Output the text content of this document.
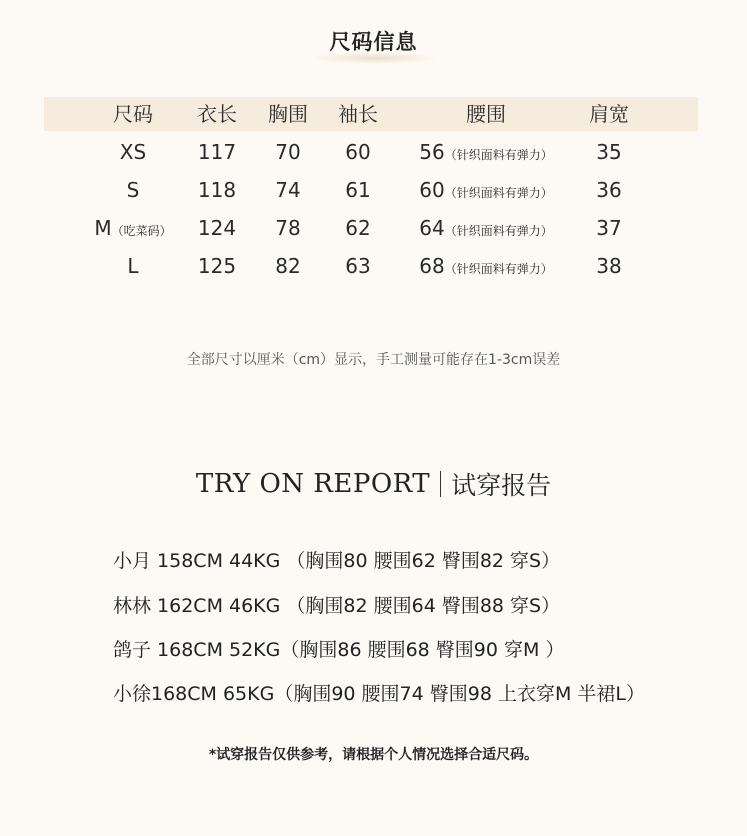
尺码信息
尺码 衣长 胸围 袖长	腰围	肩宽
XS	117 70 60 56（针织面料有弹力） 35
S	118 74 61 60（针织面料有弹力） 36
M（吃菜码） 124 78 62 64（针织面料有弹力） 37
L	125 82 63 68（针织面料有弹力） 38
全部尺寸以厘米（cm）显示，手工测量可能存在1-3cm误差
TRY ON REPORT 试穿报告
小月 158CM 44KG （胸围80 腰围62 臀围82 穿S）
林林 162CM 46KG （胸围82 腰围64 臀围88 穿S）
鸽子 168CM 52KG（胸围86 腰围68 臀围90 穿M ）
小徐168CM 65KG（胸围90 腰围74 臀围98 上衣穿M 半裙L）
*试穿报告仅供参考，请根据个人情况选择合适尺码。
